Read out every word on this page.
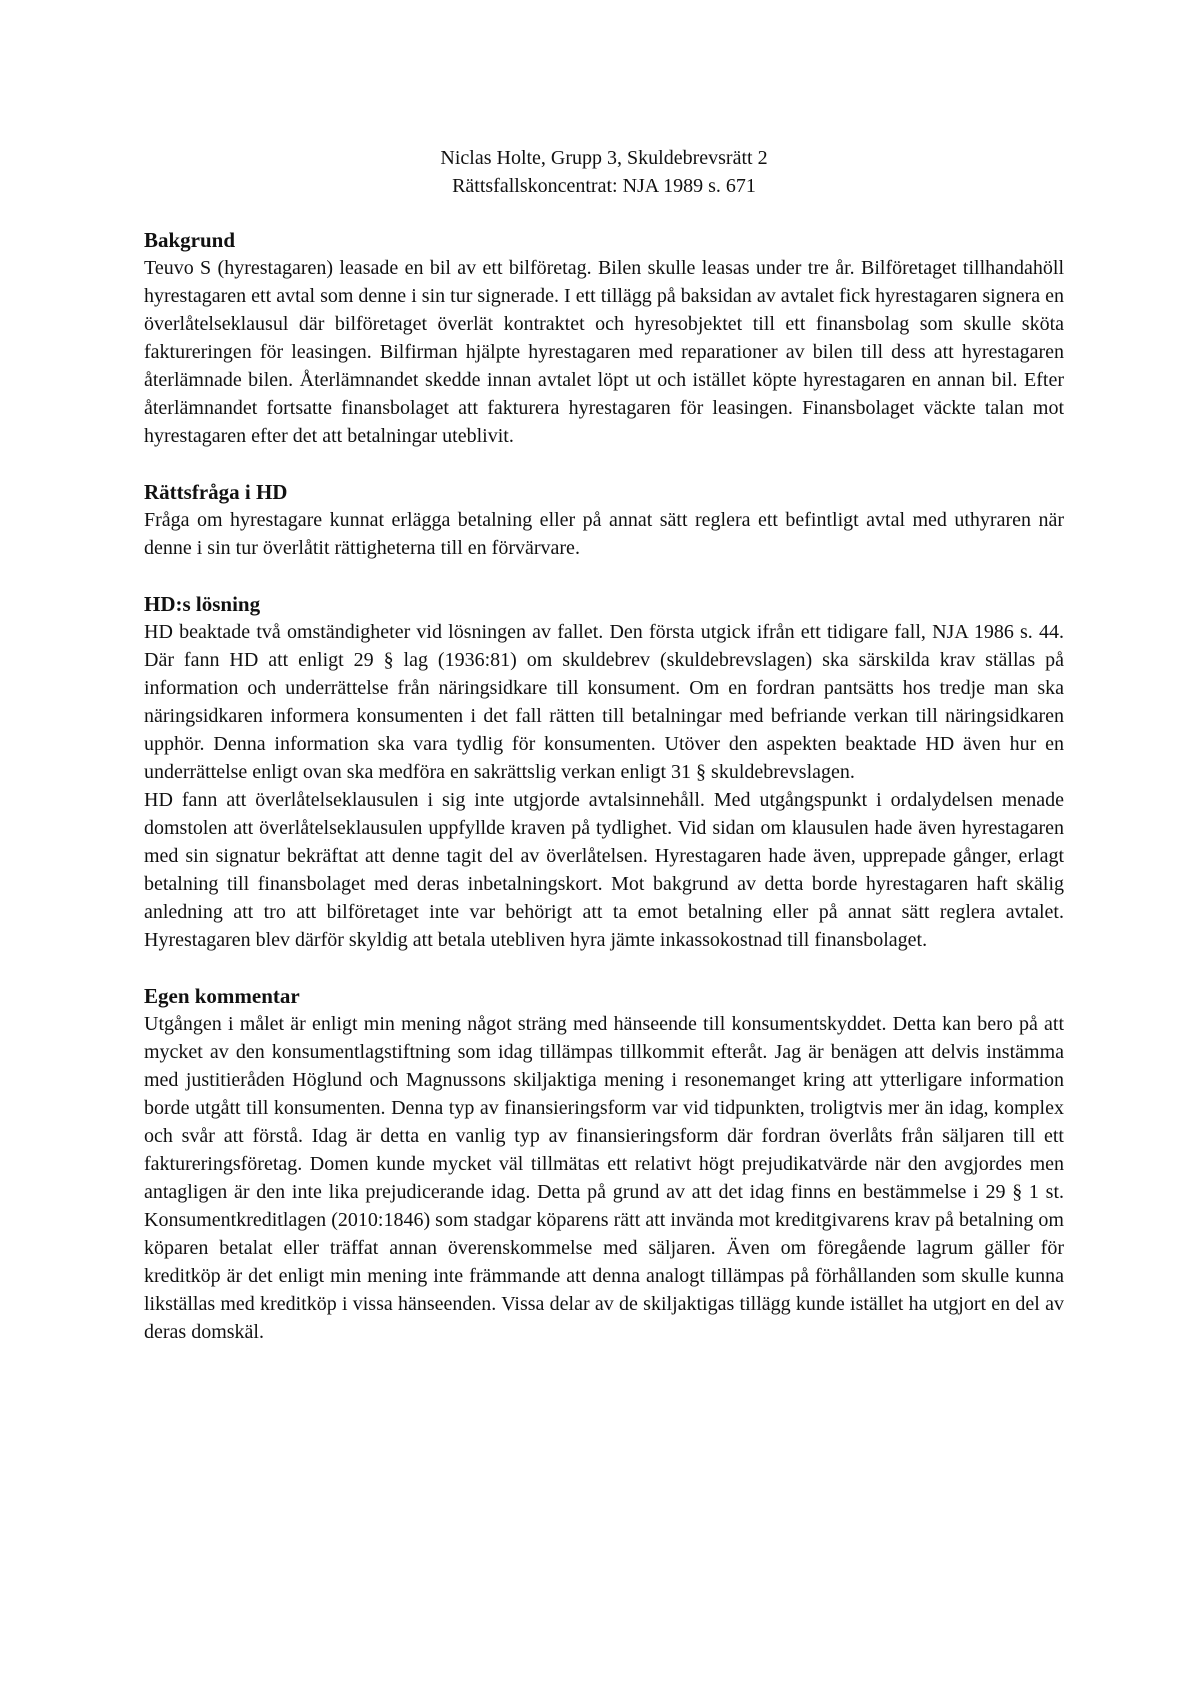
Niclas Holte, Grupp 3, Skuldebrevsrätt 2

Rättsfallskoncentrat: NJA 1989 s. 671

Bakgrund

Teuvo S (hyrestagaren) leasade en bil av ett bilföretag. Bilen skulle leasas under tre år. Bilföretaget tillhandahöll hyrestagaren ett avtal som denne i sin tur signerade. I ett tillägg på baksidan av avtalet fick hyrestagaren signera en överlåtelseklausul där bilföretaget överlät kontraktet och hyresobjektet till ett finansbolag som skulle sköta faktureringen för leasingen. Bilfirman hjälpte hyrestagaren med reparationer av bilen till dess att hyrestagaren återlämnade bilen. Återlämnandet skedde innan avtalet löpt ut och istället köpte hyrestagaren en annan bil. Efter återlämnandet fortsatte finansbolaget att fakturera hyrestagaren för leasingen. Finansbolaget väckte talan mot hyrestagaren efter det att betalningar uteblivit.

Rättsfråga i HD

Fråga om hyrestagare kunnat erlägga betalning eller på annat sätt reglera ett befintligt avtal med uthyraren när denne i sin tur överlåtit rättigheterna till en förvärvare.

HD:s lösning

HD beaktade två omständigheter vid lösningen av fallet. Den första utgick ifrån ett tidigare fall, NJA 1986 s. 44. Där fann HD att enligt 29 § lag (1936:81) om skuldebrev (skuldebrevslagen) ska särskilda krav ställas på information och underrättelse från näringsidkare till konsument. Om en fordran pantsätts hos tredje man ska näringsidkaren informera konsumenten i det fall rätten till betalningar med befriande verkan till näringsidkaren upphör. Denna information ska vara tydlig för konsumenten. Utöver den aspekten beaktade HD även hur en underrättelse enligt ovan ska medföra en sakrättslig verkan enligt 31 § skuldebrevslagen.

HD fann att överlåtelseklausulen i sig inte utgjorde avtalsinnehåll. Med utgångspunkt i ordalydelsen menade domstolen att överlåtelseklausulen uppfyllde kraven på tydlighet. Vid sidan om klausulen hade även hyrestagaren med sin signatur bekräftat att denne tagit del av överlåtelsen. Hyrestagaren hade även, upprepade gånger, erlagt betalning till finansbolaget med deras inbetalningskort. Mot bakgrund av detta borde hyrestagaren haft skälig anledning att tro att bilföretaget inte var behörigt att ta emot betalning eller på annat sätt reglera avtalet. Hyrestagaren blev därför skyldig att betala utebliven hyra jämte inkassokostnad till finansbolaget.

Egen kommentar

Utgången i målet är enligt min mening något sträng med hänseende till konsumentskyddet. Detta kan bero på att mycket av den konsumentlagstiftning som idag tillämpas tillkommit efteråt. Jag är benägen att delvis instämma med justitieråden Höglund och Magnussons skiljaktiga mening i resonemanget kring att ytterligare information borde utgått till konsumenten. Denna typ av finansieringsform var vid tidpunkten, troligtvis mer än idag, komplex och svår att förstå. Idag är detta en vanlig typ av finansieringsform där fordran överlåts från säljaren till ett faktureringsföretag. Domen kunde mycket väl tillmätas ett relativt högt prejudikatvärde när den avgjordes men antagligen är den inte lika prejudicerande idag. Detta på grund av att det idag finns en bestämmelse i 29 § 1 st. Konsumentkreditlagen (2010:1846) som stadgar köparens rätt att invända mot kreditgivarens krav på betalning om köparen betalat eller träffat annan överenskommelse med säljaren. Även om föregående lagrum gäller för kreditköp är det enligt min mening inte främmande att denna analogt tillämpas på förhållanden som skulle kunna likställas med kreditköp i vissa hänseenden. Vissa delar av de skiljaktigas tillägg kunde istället ha utgjort en del av deras domskäl.
